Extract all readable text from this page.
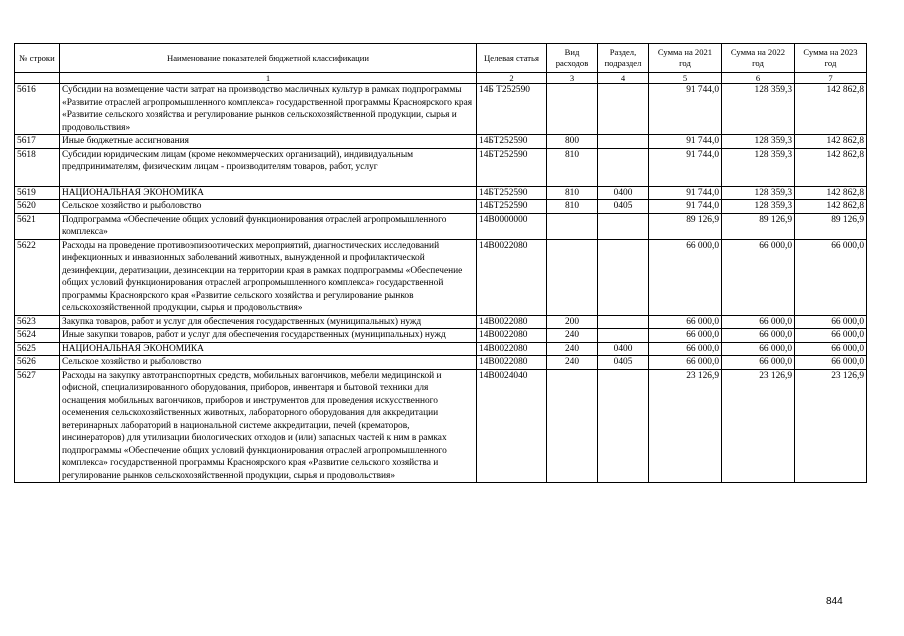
№ строки	Наименование показателей бюджетной классификации	Целевая статья	Вид расходов	Раздел, подраздел	Сумма на 2021 год	Сумма на 2022 год	Сумма на 2023 год
	1	2	3	4	5	6	7
5616	Субсидии на возмещение части затрат на производство масличных культур в рамках подпрограммы «Развитие отраслей агропромышленного комплекса» государственной программы Красноярского края «Развитие сельского хозяйства и регулирование рынков сельскохозяйственной продукции, сырья и продовольствия»	14Б Т252590			91 744,0	128 359,3	142 862,8
5617	Иные бюджетные ассигнования	14БТ252590	800		91 744,0	128 359,3	142 862,8
5618	Субсидии юридическим лицам (кроме некоммерческих организаций), индивидуальным предпринимателям, физическим лицам - производителям товаров, работ, услуг	14БТ252590	810		91 744,0	128 359,3	142 862,8
5619	НАЦИОНАЛЬНАЯ ЭКОНОМИКА	14БТ252590	810	0400	91 744,0	128 359,3	142 862,8
5620	Сельское хозяйство и рыболовство	14БТ252590	810	0405	91 744,0	128 359,3	142 862,8
5621	Подпрограмма «Обеспечение общих условий функционирования отраслей агропромышленного комплекса»	14В0000000			89 126,9	89 126,9	89 126,9
5622	Расходы на проведение противоэпизоотических мероприятий, диагностических исследований инфекционных и инвазионных заболеваний животных, вынужденной и профилактической дезинфекции, дератизации, дезинсекции на территории края в рамках подпрограммы «Обеспечение общих условий функционирования отраслей агропромышленного комплекса» государственной программы Красноярского края «Развитие сельского хозяйства и регулирование рынков сельскохозяйственной продукции, сырья и продовольствия»	14В0022080			66 000,0	66 000,0	66 000,0
5623	Закупка товаров, работ и услуг для обеспечения государственных (муниципальных) нужд	14В0022080	200		66 000,0	66 000,0	66 000,0
5624	Иные закупки товаров, работ и услуг для обеспечения государственных (муниципальных) нужд	14В0022080	240		66 000,0	66 000,0	66 000,0
5625	НАЦИОНАЛЬНАЯ ЭКОНОМИКА	14В0022080	240	0400	66 000,0	66 000,0	66 000,0
5626	Сельское хозяйство и рыболовство	14В0022080	240	0405	66 000,0	66 000,0	66 000,0
5627	Расходы на закупку автотранспортных средств, мобильных вагончиков, мебели медицинской и офисной, специализированного оборудования, приборов, инвентаря и бытовой техники для оснащения мобильных вагончиков, приборов и инструментов для проведения искусственного осеменения сельскохозяйственных животных, лабораторного оборудования для аккредитации ветеринарных лабораторий в национальной системе аккредитации, печей (крематоров, инсинераторов) для утилизации биологических отходов и (или) запасных частей к ним в рамках подпрограммы «Обеспечение общих условий функционирования отраслей агропромышленного комплекса» государственной программы Красноярского края «Развитие сельского хозяйства и регулирование рынков сельскохозяйственной продукции, сырья и продовольствия»	14В0024040			23 126,9	23 126,9	23 126,9
844
